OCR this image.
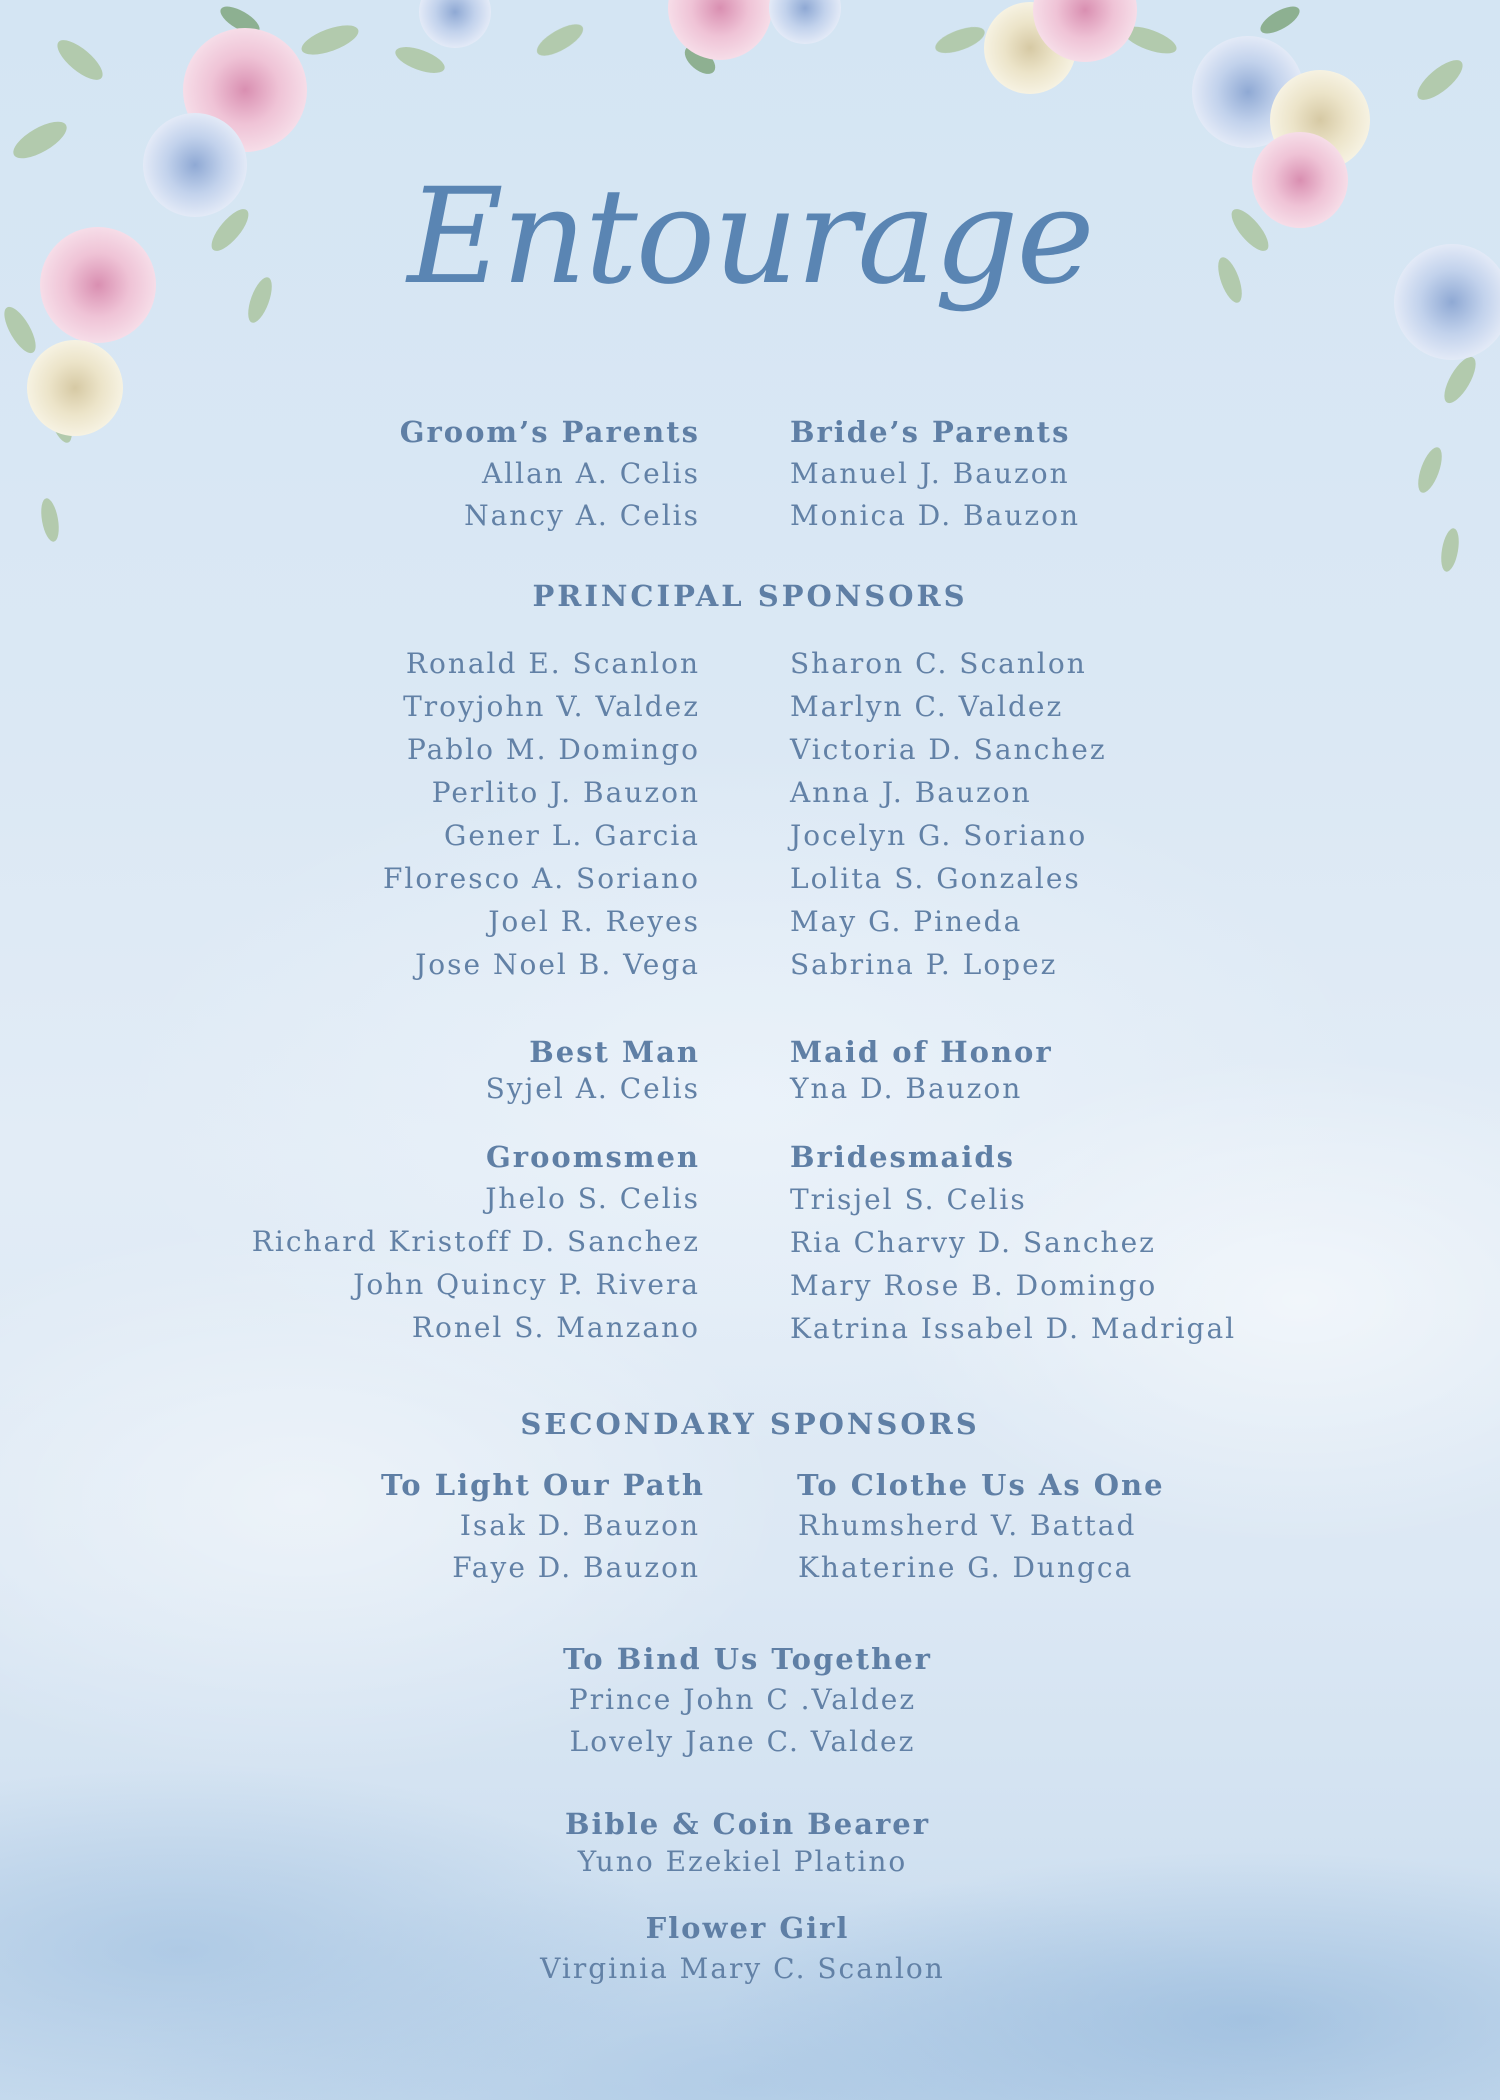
Entourage
Groom’s Parents
Allan A. Celis
Nancy A. Celis
Bride’s Parents
Manuel J. Bauzon
Monica D. Bauzon
PRINCIPAL SPONSORS
Ronald E. Scanlon
Troyjohn V. Valdez
Pablo M. Domingo
Perlito J. Bauzon
Gener L. Garcia
Floresco A. Soriano
Joel R. Reyes
Jose Noel B. Vega
Sharon C. Scanlon
Marlyn C. Valdez
Victoria D. Sanchez
Anna J. Bauzon
Jocelyn G. Soriano
Lolita S. Gonzales
May G. Pineda
Sabrina P. Lopez
Best Man
Syjel A. Celis
Maid of Honor
Yna D. Bauzon
Groomsmen
Jhelo S. Celis
Richard Kristoff D. Sanchez
John Quincy P. Rivera
Ronel S. Manzano
Bridesmaids
Trisjel S. Celis
Ria Charvy D. Sanchez
Mary Rose B. Domingo
Katrina Issabel D. Madrigal
SECONDARY SPONSORS
To Light Our Path
Isak D. Bauzon
Faye D. Bauzon
To Clothe Us As One
Rhumsherd V. Battad
Khaterine G. Dungca
To Bind Us Together
Prince John C .Valdez
Lovely Jane C. Valdez
Bible & Coin Bearer
Yuno Ezekiel Platino
Flower Girl
Virginia Mary C. Scanlon
